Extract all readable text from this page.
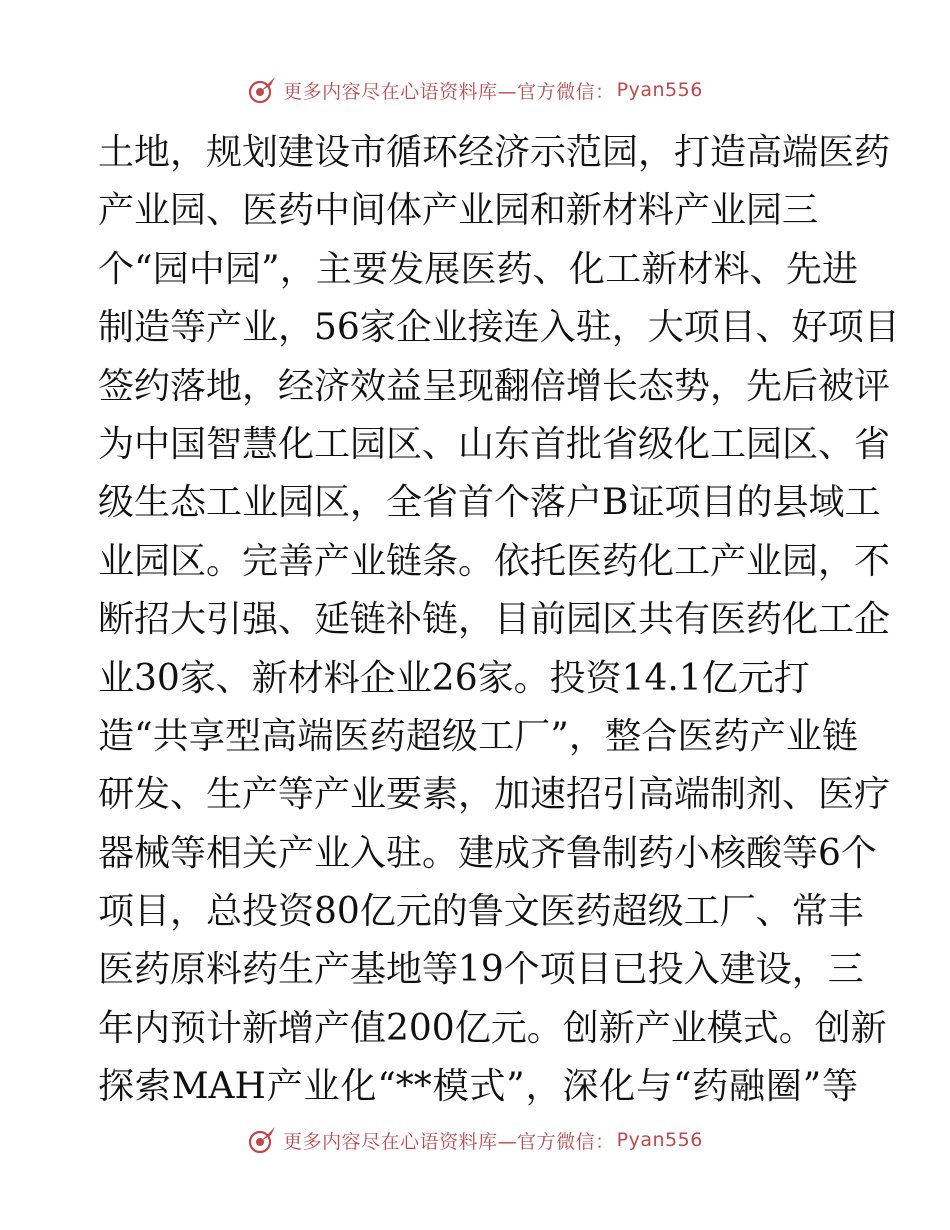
更多内容尽在心语资料库—官方微信： Pyan556
土地，规划建设市循环经济示范园，打造高端医药
产业园、医药中间体产业园和新材料产业园三
个“园中园”，主要发展医药、化工新材料、先进
制造等产业，56家企业接连入驻，大项目、好项目
签约落地，经济效益呈现翻倍增长态势，先后被评
为中国智慧化工园区、山东首批省级化工园区、省
级生态工业园区，全省首个落户B证项目的县域工
业园区。完善产业链条。依托医药化工产业园，不
断招大引强、延链补链，目前园区共有医药化工企
业30家、新材料企业26家。投资14.1亿元打
造“共享型高端医药超级工厂”，整合医药产业链
研发、生产等产业要素，加速招引高端制剂、医疗
器械等相关产业入驻。建成齐鲁制药小核酸等6个
项目，总投资80亿元的鲁文医药超级工厂、常丰
医药原料药生产基地等19个项目已投入建设，三
年内预计新增产值200亿元。创新产业模式。创新
探索MAH产业化“**模式”，深化与“药融圈”等
更多内容尽在心语资料库—官方微信： Pyan556
